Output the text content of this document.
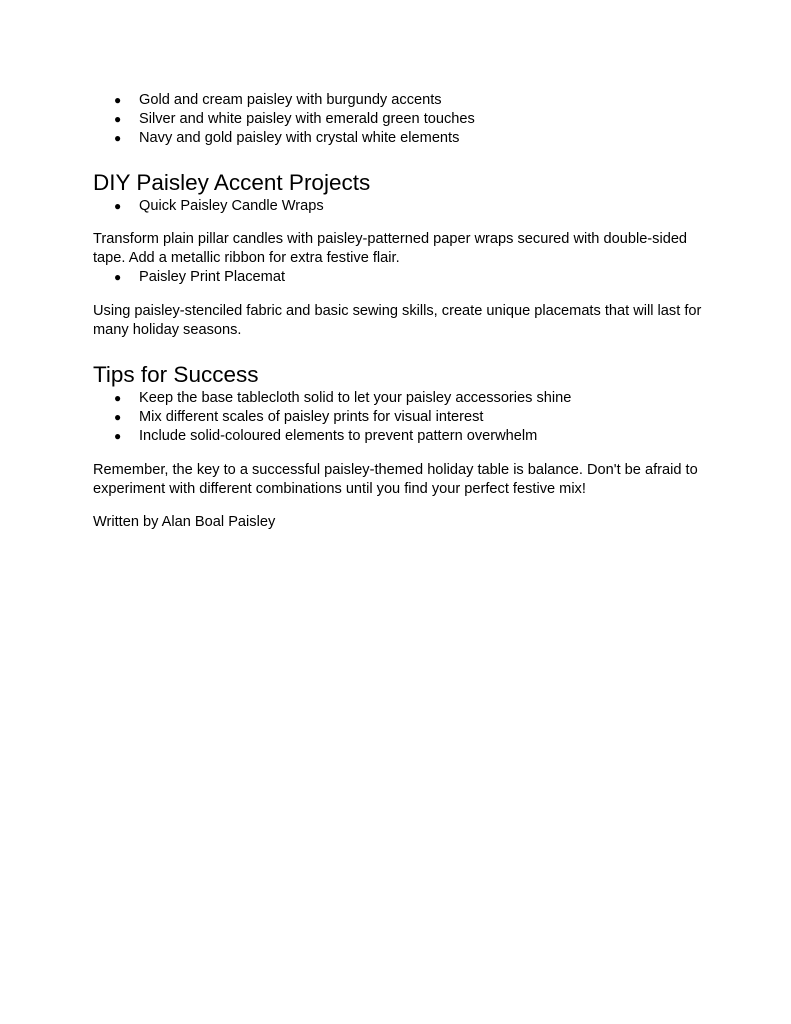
● Gold and cream paisley with burgundy accents
● Silver and white paisley with emerald green touches
● Navy and gold paisley with crystal white elements
DIY Paisley Accent Projects
● Quick Paisley Candle Wraps

Transform plain pillar candles with paisley-patterned paper wraps secured with double-sided tape. Add a metallic ribbon for extra festive flair.

● Paisley Print Placemat

Using paisley-stenciled fabric and basic sewing skills, create unique placemats that will last for many holiday seasons.

Tips for Success
● Keep the base tablecloth solid to let your paisley accessories shine
● Mix different scales of paisley prints for visual interest
● Include solid-coloured elements to prevent pattern overwhelm

Remember, the key to a successful paisley-themed holiday table is balance. Don't be afraid to experiment with different combinations until you find your perfect festive mix!

Written by Alan Boal Paisley
